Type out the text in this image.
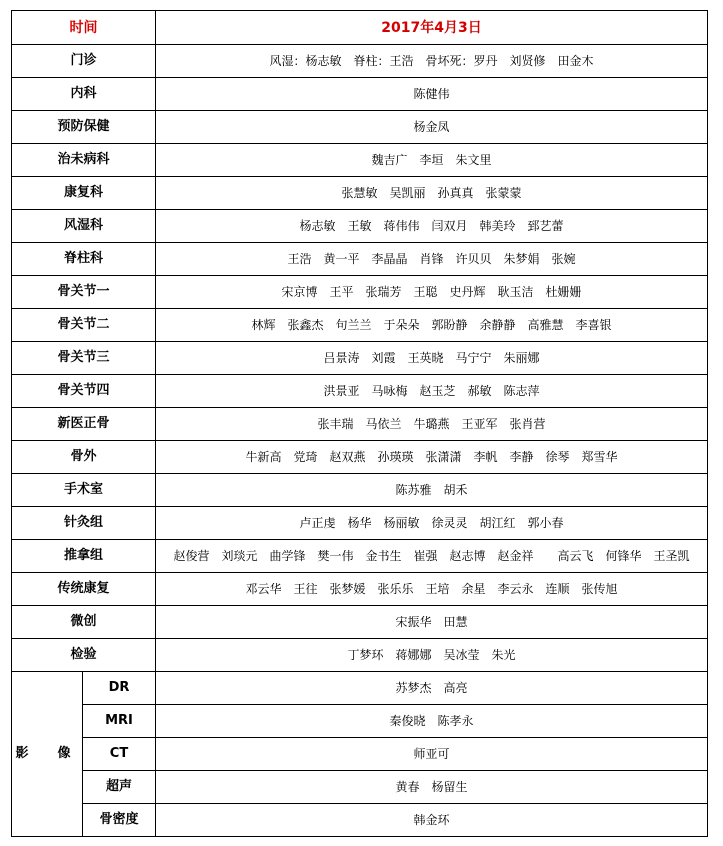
时间		2017年4月3日
门诊		风湿：杨志敏　脊柱：王浩　骨坏死：罗丹　刘贤修　田金木
内科		陈健伟
预防保健		杨金凤
治未病科		魏吉广　李垣　朱文里
康复科		张慧敏　吴凯丽　孙真真　张蒙蒙
风湿科		杨志敏　王敏　蒋伟伟　闫双月　韩美玲　郅艺蕾
脊柱科		王浩　黄一平　李晶晶　肖锋　许贝贝　朱梦娟　张婉
骨关节一		宋京博　王平　张瑞芳　王聪　史丹辉　耿玉洁　杜姗姗
骨关节二		林辉　张鑫杰　句兰兰　于朵朵　郭盼静　余静静　高雅慧　李喜银
骨关节三		吕景涛　刘霞　王英晓　马宁宁　朱丽娜
骨关节四		洪景亚　马咏梅　赵玉芝　郝敏　陈志萍
新医正骨		张丰瑞　马依兰　牛璐燕　王亚军　张肖营
骨外		牛新高　党琦　赵双燕　孙瑛瑛　张潇潇　李帆　李静　徐琴　郑雪华
手术室		陈苏雅　胡禾
针灸组		卢正虔　杨华　杨丽敏　徐灵灵　胡江红　郭小春
推拿组		赵俊营　刘琰元　曲学锋　樊一伟　金书生　崔强　赵志博　赵金祥　　高云飞　何锋华　王圣凯
传统康复		邓云华　王往　张梦媛　张乐乐　王培　余星　李云永　连顺　张传旭
微创		宋振华　田慧
检验		丁梦环　蒋娜娜　吴冰莹　朱光
影　像	DR	苏梦杰　高亮
	MRI	秦俊晓　陈孝永
	CT	师亚可
	超声	黄春　杨留生
	骨密度	韩金环
